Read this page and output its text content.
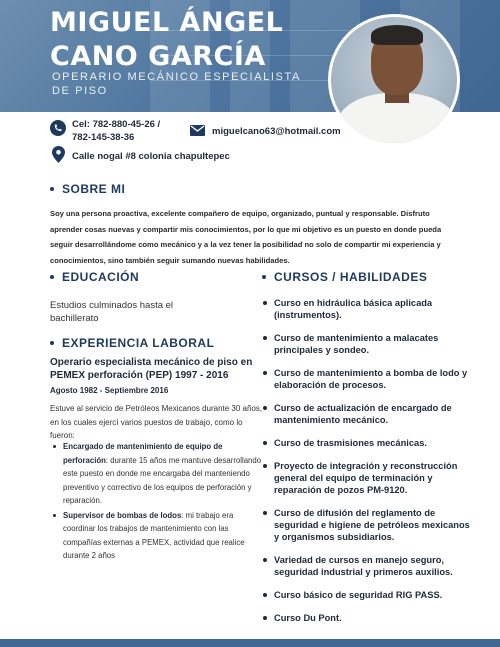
MIGUEL ÁNGEL CANO GARCÍA
OPERARIO MECÁNICO ESPECIALISTA DE PISO
Cel: 782-880-45-26 / 782-145-38-36
miguelcano63@hotmail.com
Calle nogal #8 colonia chapultepec
SOBRE MI
Soy una persona proactiva, excelente compañero de equipo, organizado, puntual y responsable. Disfruto aprender cosas nuevas y compartir mis conocimientos, por lo que mi objetivo es un puesto en donde pueda seguir desarrollándome como mecánico y a la vez tener la posibilidad no solo de compartir mi experiencia y conocimientos, sino también seguir sumando nuevas habilidades.
EDUCACIÓN
Estudios culminados hasta el bachillerato
EXPERIENCIA LABORAL
Operario especialista mecánico de piso en PEMEX perforación (PEP) 1997 - 2016
Agosto 1982 - Septiembre 2016
Estuve al servicio de Petróleos Mexicanos durante 30 años, en los cuales ejercí varios puestos de trabajo, como lo fueron:
Encargado de mantenimiento de equipo de perforación: durante 15 años me mantuve desarrollando este puesto en donde me encargaba del manteniendo preventivo y correctivo de los equipos de perforación y reparación.
Supervisor de bombas de lodos: mi trabajo era coordinar los trabajos de mantenimiento con las compañías externas a PEMEX, actividad que realice durante 2 años
CURSOS / HABILIDADES
Curso en hidráulica básica aplicada (instrumentos).
Curso de mantenimiento a malacates principales y sondeo.
Curso de mantenimiento a bomba de lodo y elaboración de procesos.
Curso de actualización de encargado de mantenimiento mecánico.
Curso de trasmisiones mecánicas.
Proyecto de integración y reconstrucción general del equipo de terminación y reparación de pozos PM-9120.
Curso de difusión del reglamento de seguridad e higiene de petróleos mexicanos y organismos subsidiarios.
Variedad de cursos en manejo seguro, seguridad industrial y primeros auxilios.
Curso básico de seguridad RIG PASS.
Curso Du Pont.
